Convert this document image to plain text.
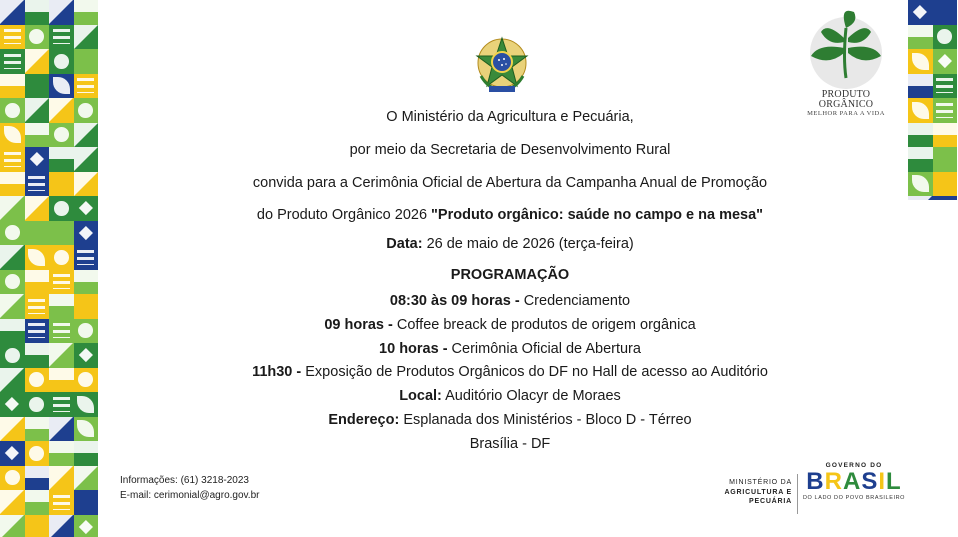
PRODUTO ORGÂNICO
MELHOR PARA A VIDA
O Ministério da Agricultura e Pecuária,
por meio da Secretaria de Desenvolvimento Rural
convida para a Cerimônia Oficial de Abertura da Campanha Anual de Promoção
do Produto Orgânico 2026 "Produto orgânico: saúde no campo e na mesa"
Data: 26 de maio de 2026 (terça-feira)
PROGRAMAÇÃO
08:30 às 09 horas - Credenciamento
09 horas - Coffee breack de produtos de origem orgânica
10 horas - Cerimônia Oficial de Abertura
11h30 - Exposição de Produtos Orgânicos do DF no Hall de acesso ao Auditório
Local: Auditório Olacyr de Moraes
Endereço: Esplanada dos Ministérios - Bloco D - Térreo
Brasília - DF
Informações: (61) 3218-2023
E-mail: cerimonial@agro.gov.br
MINISTÉRIO DA
AGRICULTURA E
PECUÁRIA
GOVERNO DO
BRASIL
DO LADO DO POVO BRASILEIRO
